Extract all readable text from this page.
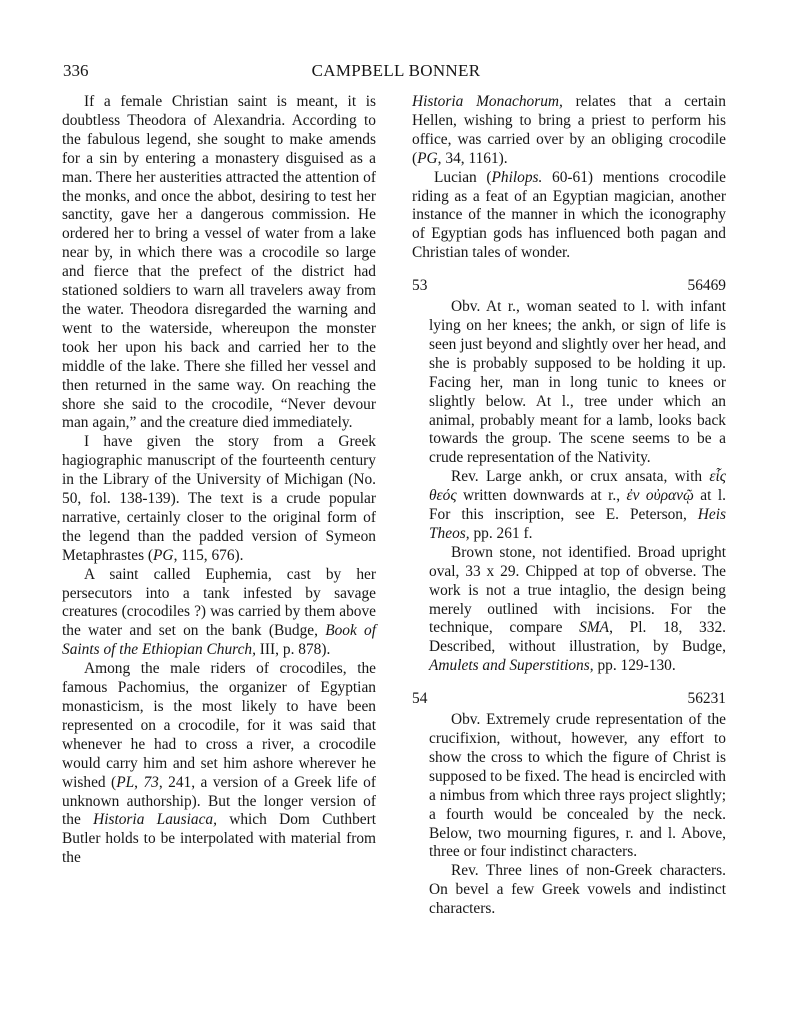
336	CAMPBELL BONNER

If a female Christian saint is meant, it is doubtless Theodora of Alexandria. According to the fabulous legend, she sought to make amends for a sin by entering a monastery disguised as a man. There her austerities attracted the attention of the monks, and once the abbot, desiring to test her sanctity, gave her a dangerous commission. He ordered her to bring a vessel of water from a lake near by, in which there was a crocodile so large and fierce that the prefect of the district had stationed soldiers to warn all travelers away from the water. Theodora disregarded the warning and went to the waterside, whereupon the monster took her upon his back and carried her to the middle of the lake. There she filled her vessel and then returned in the same way. On reaching the shore she said to the crocodile, “Never devour man again,” and the creature died immediately.

I have given the story from a Greek hagiographic manuscript of the fourteenth century in the Library of the University of Michigan (No. 50, fol. 138-139). The text is a crude popular narrative, certainly closer to the original form of the legend than the padded version of Symeon Metaphrastes (PG, 115, 676).

A saint called Euphemia, cast by her persecutors into a tank infested by savage creatures (crocodiles ?) was carried by them above the water and set on the bank (Budge, Book of Saints of the Ethiopian Church, III, p. 878).

Among the male riders of crocodiles, the famous Pachomius, the organizer of Egyptian monasticism, is the most likely to have been represented on a crocodile, for it was said that whenever he had to cross a river, a crocodile would carry him and set him ashore wherever he wished (PL, 73, 241, a version of a Greek life of unknown authorship). But the longer version of the Historia Lausiaca, which Dom Cuthbert Butler holds to be interpolated with material from the

Historia Monachorum, relates that a certain Hellen, wishing to bring a priest to perform his office, was carried over by an obliging crocodile (PG, 34, 1161).

Lucian (Philops. 60-61) mentions crocodile riding as a feat of an Egyptian magician, another instance of the manner in which the iconography of Egyptian gods has influenced both pagan and Christian tales of wonder.

53	56469

Obv. At r., woman seated to l. with infant lying on her knees; the ankh, or sign of life is seen just beyond and slightly over her head, and she is probably supposed to be holding it up. Facing her, man in long tunic to knees or slightly below. At l., tree under which an animal, probably meant for a lamb, looks back towards the group. The scene seems to be a crude representation of the Nativity.

Rev. Large ankh, or crux ansata, with εἷς θεός written downwards at r., ἐν οὐρανῷ at l. For this inscription, see E. Peterson, Heis Theos, pp. 261 f.

Brown stone, not identified. Broad upright oval, 33 x 29. Chipped at top of obverse. The work is not a true intaglio, the design being merely outlined with incisions. For the technique, compare SMA, Pl. 18, 332. Described, without illustration, by Budge, Amulets and Superstitions, pp. 129-130.

54	56231

Obv. Extremely crude representation of the crucifixion, without, however, any effort to show the cross to which the figure of Christ is supposed to be fixed. The head is encircled with a nimbus from which three rays project slightly; a fourth would be concealed by the neck. Below, two mourning figures, r. and l. Above, three or four indistinct characters.

Rev. Three lines of non-Greek characters. On bevel a few Greek vowels and indistinct characters.
